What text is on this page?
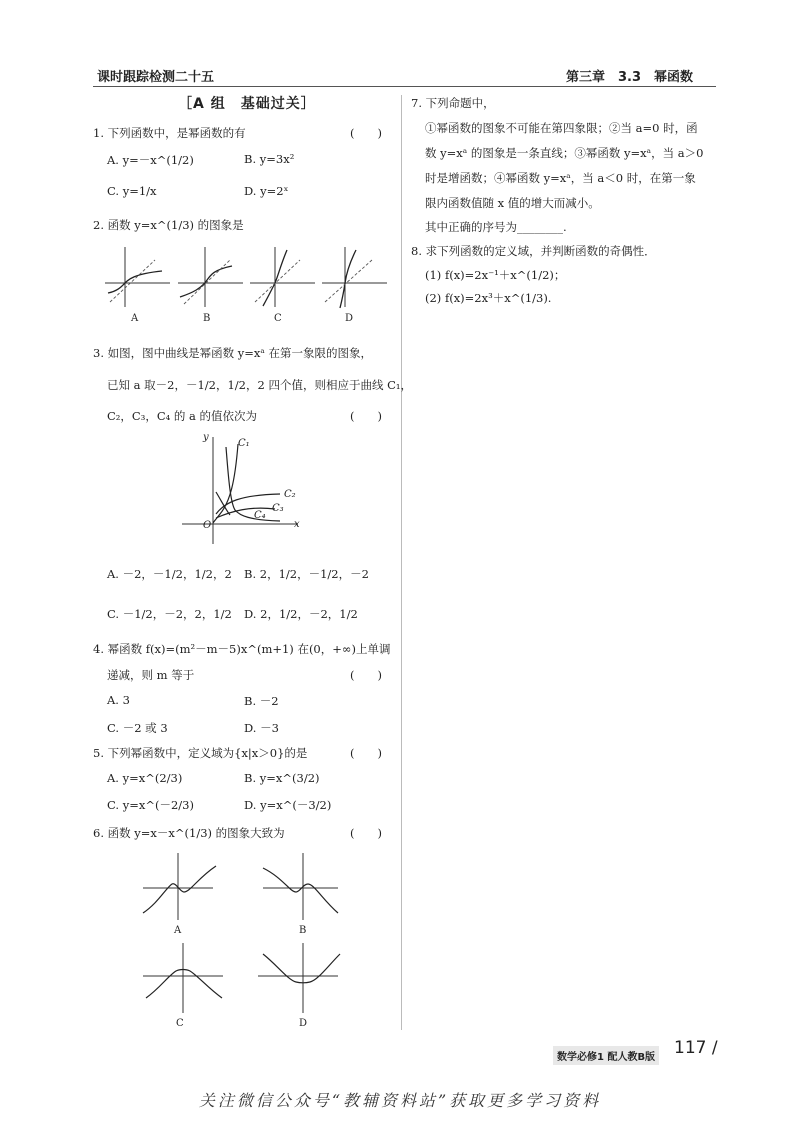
课时跟踪检测二十五	第三章　3.3　幂函数
［A 组　基础过关］
1. 下列函数中，是幂函数的有	(　　)
A. y=－x^(1/2)	B. y=3x²
C. y=1/x	D. y=2ˣ
2. 函数 y=x^(1/3) 的图象是
A	B	C	D
3. 如图，图中曲线是幂函数 y=xᵃ 在第一象限的图象，
已知 a 取－2，－1/2，1/2，2 四个值，则相应于曲线 C₁，
C₂，C₃，C₄ 的 a 的值依次为	(　　)
C₁
C₂
C₃
C₄
O	x
y
A. －2，－1/2，1/2，2 B. 2，1/2，－1/2，－2
C. －1/2，－2，2，1/2 D. 2，1/2，－2，1/2
4. 幂函数 f(x)=(m²－m－5)x^(m+1) 在(0，+∞)上单调
递减，则 m 等于	(　　)
A. 3	B. －2
C. －2 或 3	D. －3
5. 下列幂函数中，定义域为{x|x＞0}的是	(　　)
A. y=x^(2/3)	B. y=x^(3/2)
C. y=x^(－2/3)	D. y=x^(－3/2)
6. 函数 y=x－x^(1/3) 的图象大致为	(　　)
A	B
C	D
7. 下列命题中，
①幂函数的图象不可能在第四象限；②当 a=0 时，函
数 y=xᵃ 的图象是一条直线；③幂函数 y=xᵃ，当 a＞0
时是增函数；④幂函数 y=xᵃ，当 a＜0 时，在第一象
限内函数值随 x 值的增大而减小。
其中正确的序号为________.
8. 求下列函数的定义域，并判断函数的奇偶性．
(1) f(x)=2x⁻¹＋x^(1/2)；
(2) f(x)=2x³＋x^(1/3).
数学必修1 配人教B版 117 /
关注微信公众号“教辅资料站”获取更多学习资料
